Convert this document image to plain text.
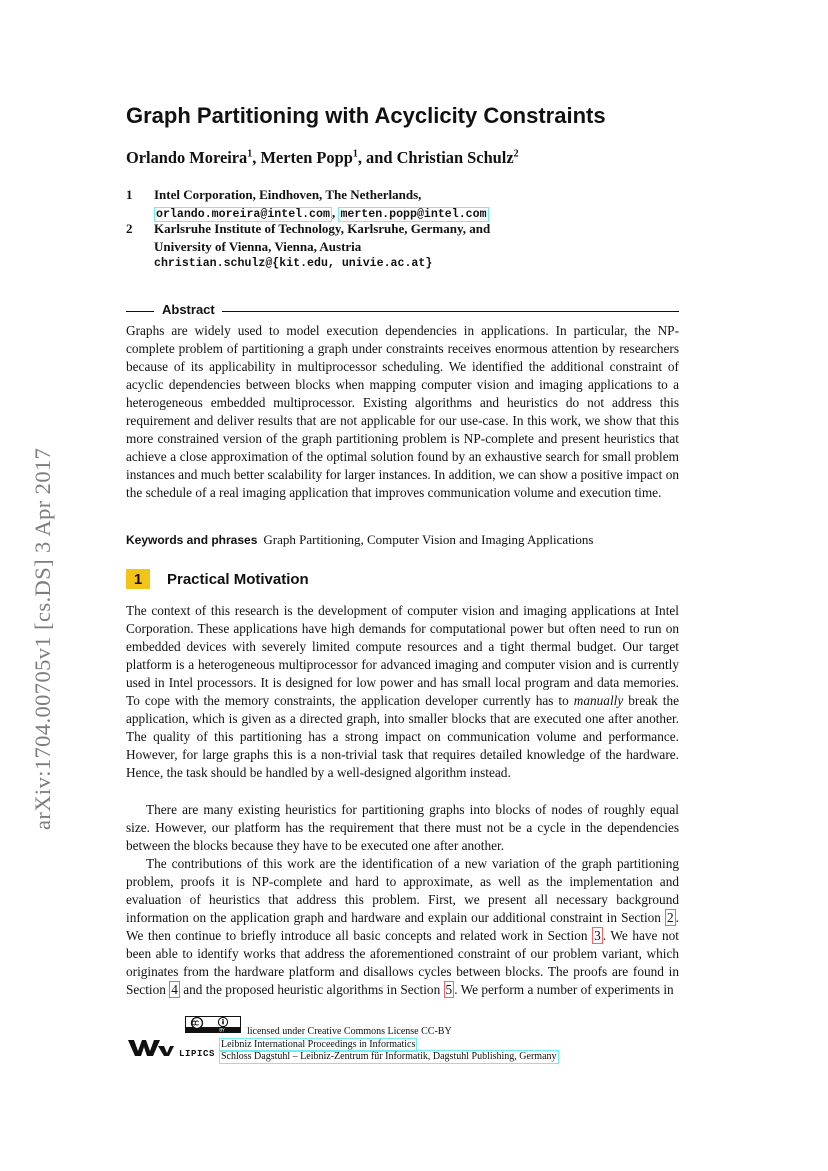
arXiv:1704.00705v1 [cs.DS] 3 Apr 2017
Graph Partitioning with Acyclicity Constraints
Orlando Moreira$^1$, Merten Popp$^1$, and Christian Schulz$^2$
1 Intel Corporation, Eindhoven, The Netherlands,
orlando.moreira@intel.com , merten.popp@intel.com
2 Karlsruhe Institute of Technology, Karlsruhe, Germany, and
University of Vienna, Vienna, Austria
christian.schulz@{kit.edu, univie.ac.at}
Abstract

Graphs are widely used to model execution dependencies in applications. In particular, the NP-complete problem of partitioning a graph under constraints receives enormous attention by researchers because of its applicability in multiprocessor scheduling. We identified the additional constraint of acyclic dependencies between blocks when mapping computer vision and imaging applications to a heterogeneous embedded multiprocessor. Existing algorithms and heuristics do not address this requirement and deliver results that are not applicable for our use-case. In this work, we show that this more constrained version of the graph partitioning problem is NP-complete and present heuristics that achieve a close approximation of the optimal solution found by an exhaustive search for small problem instances and much better scalability for larger instances. In addition, we can show a positive impact on the schedule of a real imaging application that improves communication volume and execution time.

Keywords and phrases Graph Partitioning, Computer Vision and Imaging Applications
1	Practical Motivation

The context of this research is the development of computer vision and imaging applications at Intel Corporation. These applications have high demands for computational power but often need to run on embedded devices with severely limited compute resources and a tight thermal budget. Our target platform is a heterogeneous multiprocessor for advanced imaging and computer vision and is currently used in Intel processors. It is designed for low power and has small local program and data memories. To cope with the memory constraints, the application developer currently has to manually break the application, which is given as a directed graph, into smaller blocks that are executed one after another. The quality of this partitioning has a strong impact on communication volume and performance. However, for large graphs this is a non-trivial task that requires detailed knowledge of the hardware. Hence, the task should be handled by a well-designed algorithm instead.

There are many existing heuristics for partitioning graphs into blocks of nodes of roughly equal size. However, our platform has the requirement that there must not be a cycle in the dependencies between the blocks because they have to be executed one after another.

The contributions of this work are the identification of a new variation of the graph partitioning problem, proofs it is NP-complete and hard to approximate, as well as the implementation and evaluation of heuristics that address this problem. First, we present all necessary background information on the application graph and hardware and explain our additional constraint in Section 2 . We then continue to briefly introduce all basic concepts and related work in Section 3 . We have not been able to identify works that address the aforementioned constraint of our problem variant, which originates from the hardware platform and disallows cycles between blocks. The proofs are found in Section 4 and the proposed heuristic algorithms in Section 5 . We perform a number of experiments in

LIPICS
BY licensed under Creative Commons License CC-BY
Leibniz International Proceedings in Informatics
Schloss Dagstuhl – Leibniz-Zentrum für Informatik, Dagstuhl Publishing, Germany
